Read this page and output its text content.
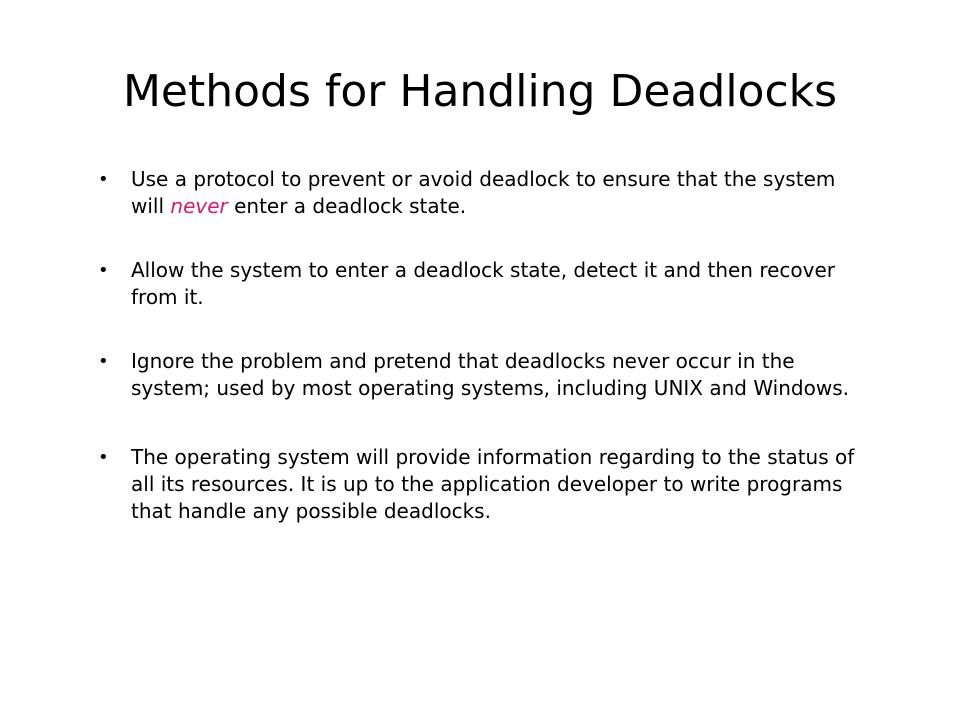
Methods for Handling Deadlocks
•	Use a protocol to prevent or avoid deadlock to ensure that the system will never enter a deadlock state.
•	Allow the system to enter a deadlock state, detect it and then recover from it.
•	Ignore the problem and pretend that deadlocks never occur in the system; used by most operating systems, including UNIX and Windows.
•	The operating system will provide information regarding to the status of all its resources. It is up to the application developer to write programs that handle any possible deadlocks.
